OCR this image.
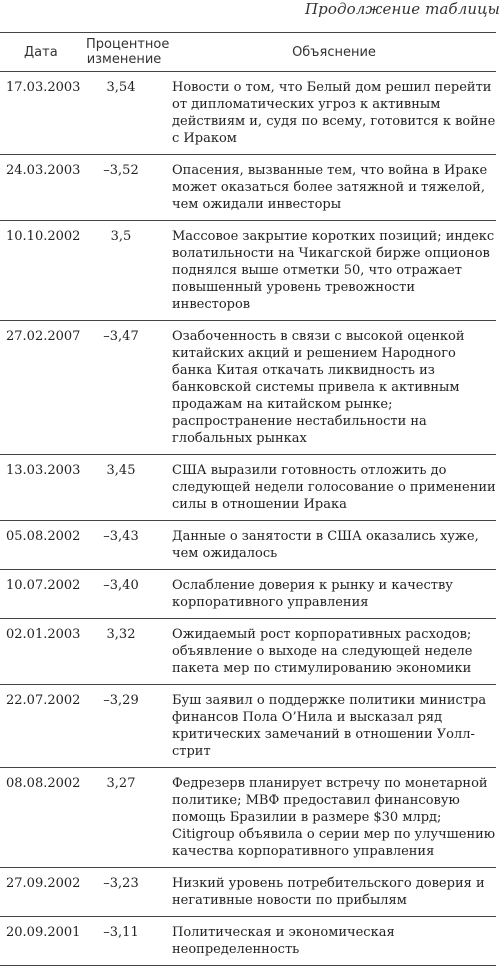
Продолжение таблицы
Дата	Процентное изменение	Объяснение
17.03.2003	3,54	Новости о том, что Белый дом решил перейти от дипломатических угроз к активным действиям и, судя по всему, готовится к войне с Ираком
24.03.2003	–3,52	Опасения, вызванные тем, что война в Ираке может оказаться более затяжной и тяжелой, чем ожидали инвесторы
10.10.2002	3,5	Массовое закрытие коротких позиций; индекс волатильности на Чикагской бирже опционов поднялся выше отметки 50, что отражает повышенный уровень тревожности инвесторов
27.02.2007	–3,47	Озабоченность в связи с высокой оценкой китайских акций и решением Народного банка Китая откачать ликвидность из банковской системы привела к активным продажам на китайском рынке; распространение нестабильности на глобальных рынках
13.03.2003	3,45	США выразили готовность отложить до следующей недели голосование о применении силы в отношении Ирака
05.08.2002	–3,43	Данные о занятости в США оказались хуже, чем ожидалось
10.07.2002	–3,40	Ослабление доверия к рынку и качеству корпоративного управления
02.01.2003	3,32	Ожидаемый рост корпоративных расходов; объявление о выходе на следующей неделе пакета мер по стимулированию экономики
22.07.2002	–3,29	Буш заявил о поддержке политики министра финансов Пола О’Нила и высказал ряд критических замечаний в отношении Уолл-стрит
08.08.2002	3,27	Федрезерв планирует встречу по монетарной политике; МВФ предоставил финансовую помощь Бразилии в размере $30 млрд; Citigroup объявила о серии мер по улучшению качества корпоративного управления
27.09.2002	–3,23	Низкий уровень потребительского доверия и негативные новости по прибылям
20.09.2001	–3,11	Политическая и экономическая неопределенность
